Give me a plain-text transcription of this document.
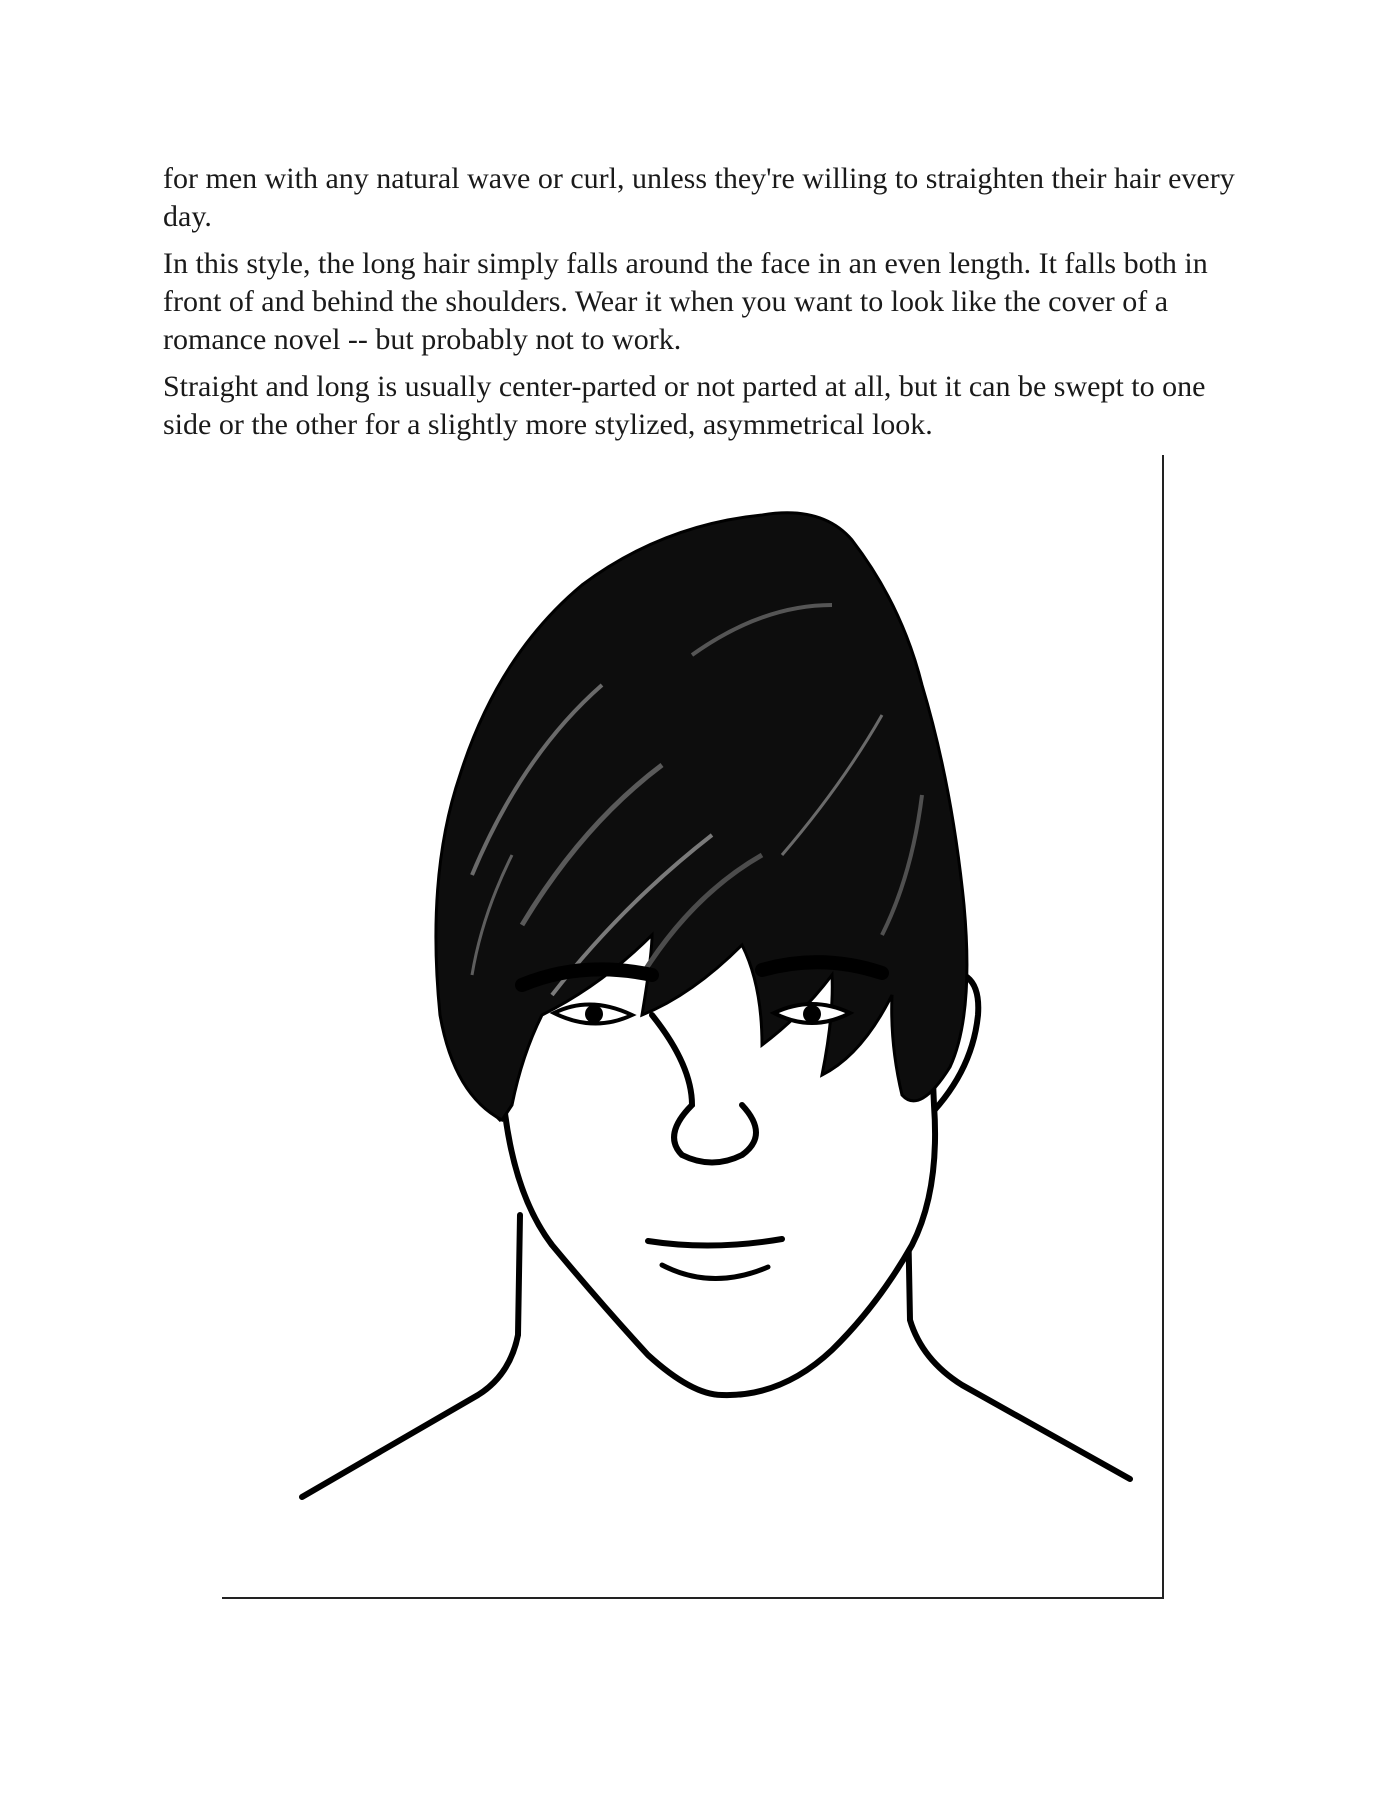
for men with any natural wave or curl, unless they're willing to straighten their hair every day.

In this style, the long hair simply falls around the face in an even length. It falls both in front of and behind the shoulders. Wear it when you want to look like the cover of a romance novel -- but probably not to work.

Straight and long is usually center-parted or not parted at all, but it can be swept to one side or the other for a slightly more stylized, asymmetrical look.
